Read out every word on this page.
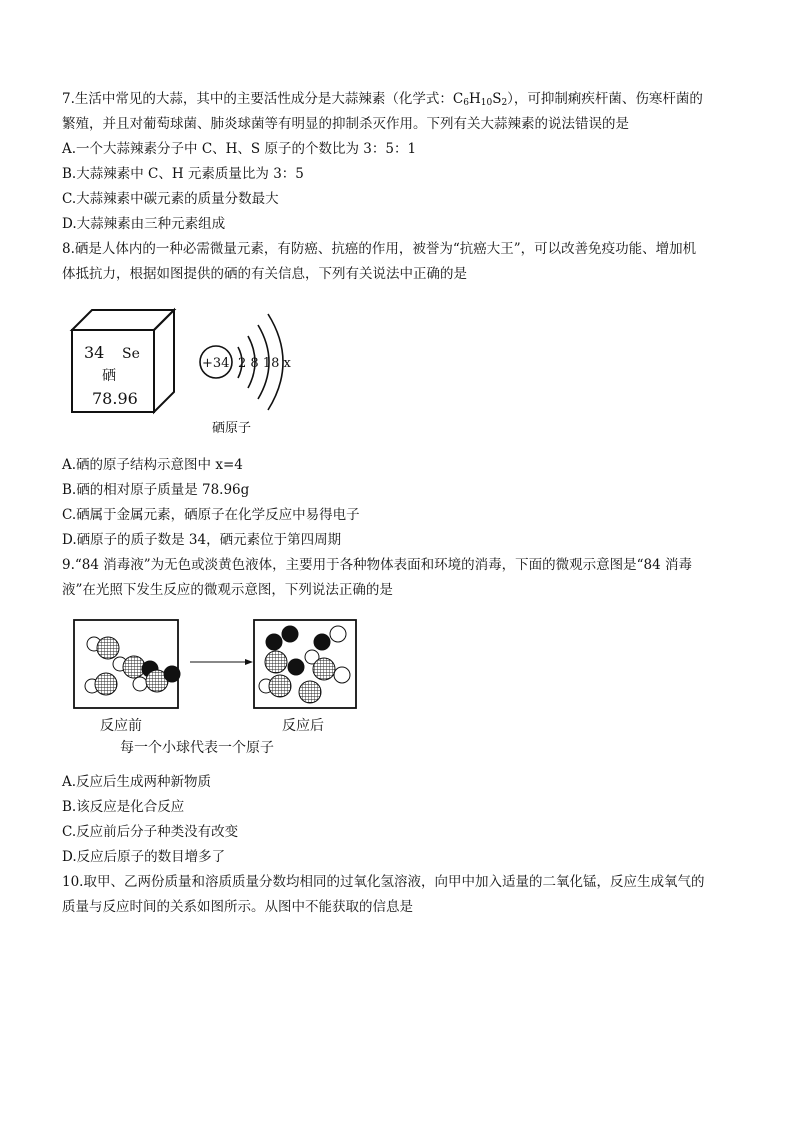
7.生活中常见的大蒜，其中的主要活性成分是大蒜辣素（化学式：$C_6H_{10}S_2$），可抑制痢疾杆菌、伤寒杆菌的
繁殖，并且对葡萄球菌、肺炎球菌等有明显的抑制杀灭作用。下列有关大蒜辣素的说法错误的是
A.一个大蒜辣素分子中 C、H、S 原子的个数比为 3：5：1
B.大蒜辣素中 C、H 元素质量比为 3：5
C.大蒜辣素中碳元素的质量分数最大
D.大蒜辣素由三种元素组成
8.硒是人体内的一种必需微量元素，有防癌、抗癌的作用，被誉为“抗癌大王”，可以改善免疫功能、增加机
体抵抗力，根据如图提供的硒的有关信息，下列有关说法中正确的是
34 Se
硒
78.96
+34 2 8 18 x
硒原子
A.硒的原子结构示意图中 x=4
B.硒的相对原子质量是 78.96g
C.硒属于金属元素，硒原子在化学反应中易得电子
D.硒原子的质子数是 34，硒元素位于第四周期
9.“84 消毒液”为无色或淡黄色液体，主要用于各种物体表面和环境的消毒，下面的微观示意图是“84 消毒
液”在光照下发生反应的微观示意图，下列说法正确的是
反应前	反应后
每一个小球代表一个原子
A.反应后生成两种新物质
B.该反应是化合反应
C.反应前后分子种类没有改变
D.反应后原子的数目增多了
10.取甲、乙两份质量和溶质质量分数均相同的过氧化氢溶液，向甲中加入适量的二氧化锰，反应生成氧气的
质量与反应时间的关系如图所示。从图中不能获取的信息是
